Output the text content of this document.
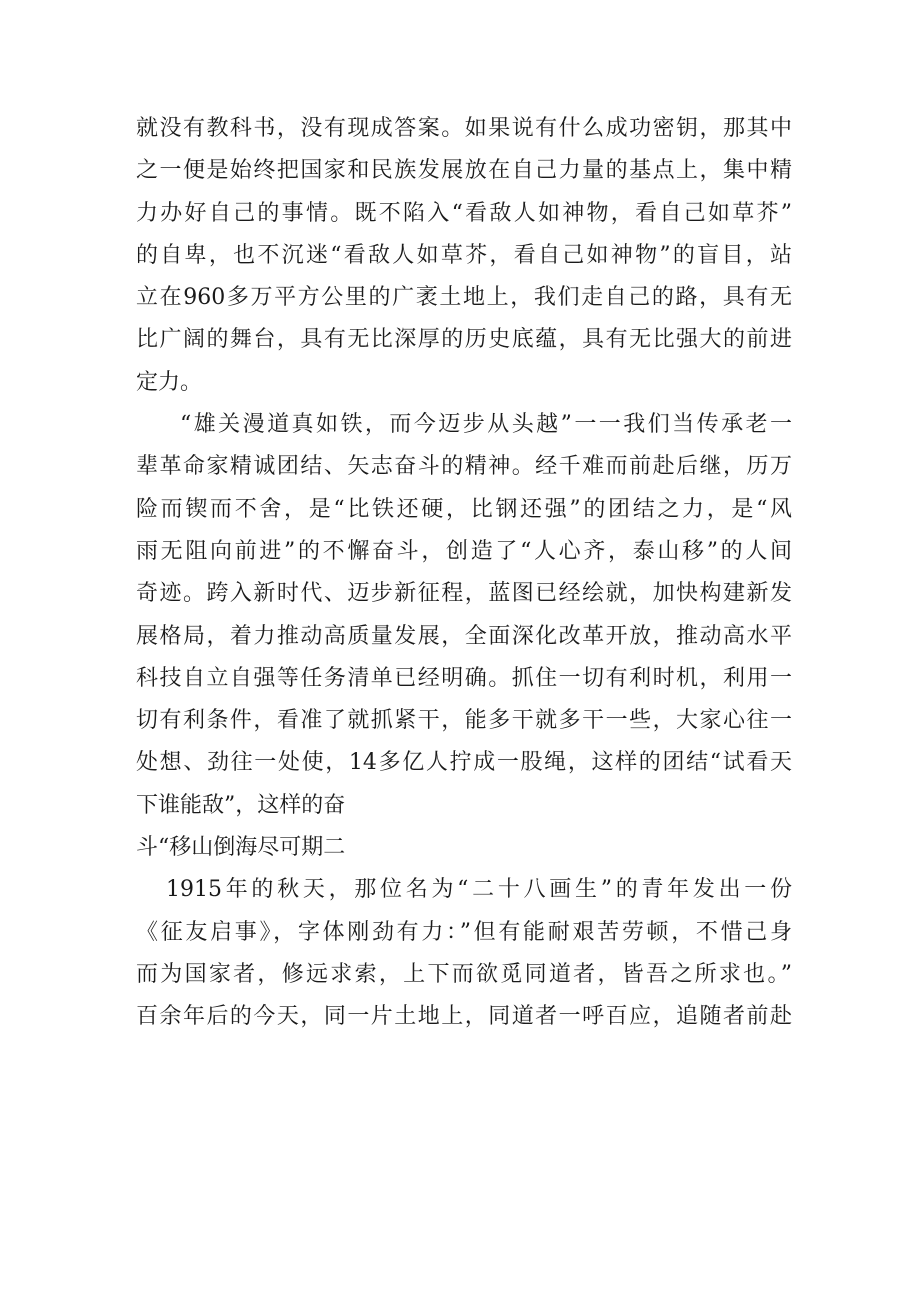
就没有教科书，没有现成答案。如果说有什么成功密钥，那其中
之一便是始终把国家和民族发展放在自己力量的基点上，集中精
力办好自己的事情。既不陷入“看敌人如神物，看自己如草芥”
的自卑，也不沉迷“看敌人如草芥，看自己如神物”的盲目，站
立在960多万平方公里的广袤土地上，我们走自己的路，具有无
比广阔的舞台，具有无比深厚的历史底蕴，具有无比强大的前进
定力。
“雄关漫道真如铁，而今迈步从头越”一一我们当传承老一
辈革命家精诚团结、矢志奋斗的精神。经千难而前赴后继，历万
险而锲而不舍，是“比铁还硬，比钢还强”的团结之力，是“风
雨无阻向前进”的不懈奋斗，创造了“人心齐，泰山移”的人间
奇迹。跨入新时代、迈步新征程，蓝图已经绘就，加快构建新发
展格局，着力推动高质量发展，全面深化改革开放，推动高水平
科技自立自强等任务清单已经明确。抓住一切有利时机，利用一
切有利条件，看准了就抓紧干，能多干就多干一些，大家心往一
处想、劲往一处使，14多亿人拧成一股绳，这样的团结“试看天
下谁能敌”，这样的奋
斗“移山倒海尽可期二
1915年的秋天，那位名为“二十八画生”的青年发出一份
《征友启事》，字体刚劲有力：”但有能耐艰苦劳顿，不惜己身
而为国家者，修远求索，上下而欲觅同道者，皆吾之所求也。”
百余年后的今天，同一片土地上，同道者一呼百应，追随者前赴
